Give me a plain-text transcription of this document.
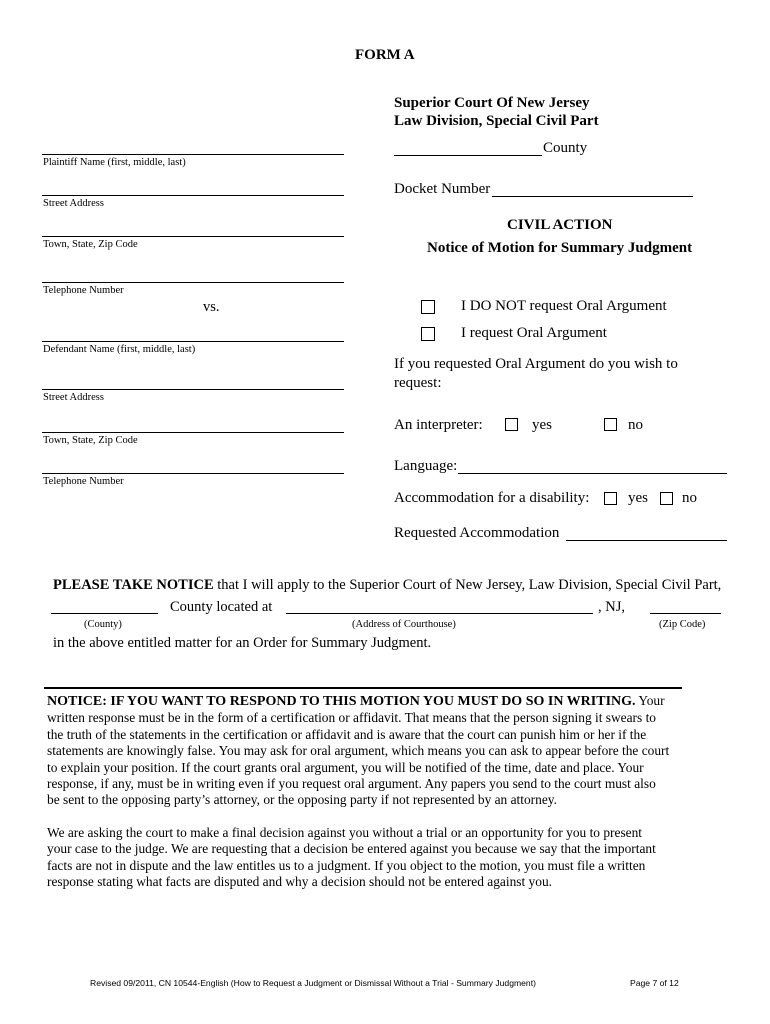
FORM A
Superior Court Of New Jersey
Law Division, Special Civil Part
County
Docket Number
CIVIL ACTION
Notice of Motion for Summary Judgment
Plaintiff Name (first, middle, last)
Street Address
Town, State, Zip Code
Telephone Number
vs.
Defendant Name (first, middle, last)
Street Address
Town, State, Zip Code
Telephone Number
I DO NOT request Oral Argument
I request Oral Argument
If you requested Oral Argument do you wish to
request:
An interpreter:	yes	no
Language:
Accommodation for a disability:	yes no
Requested Accommodation
PLEASE TAKE NOTICE that I will apply to the Superior Court of New Jersey, Law Division, Special Civil Part,
County located at	, NJ,
(County)	(Address of Courthouse)	(Zip Code)
in the above entitled matter for an Order for Summary Judgment.
NOTICE: IF YOU WANT TO RESPOND TO THIS MOTION YOU MUST DO SO IN WRITING. Your
written response must be in the form of a certification or affidavit. That means that the person signing it swears to
the truth of the statements in the certification or affidavit and is aware that the court can punish him or her if the
statements are knowingly false. You may ask for oral argument, which means you can ask to appear before the court
to explain your position. If the court grants oral argument, you will be notified of the time, date and place. Your
response, if any, must be in writing even if you request oral argument. Any papers you send to the court must also
be sent to the opposing party’s attorney, or the opposing party if not represented by an attorney.
We are asking the court to make a final decision against you without a trial or an opportunity for you to present
your case to the judge. We are requesting that a decision be entered against you because we say that the important
facts are not in dispute and the law entitles us to a judgment. If you object to the motion, you must file a written
response stating what facts are disputed and why a decision should not be entered against you.
Revised 09/2011, CN 10544-English (How to Request a Judgment or Dismissal Without a Trial - Summary Judgment)	Page 7 of 12
